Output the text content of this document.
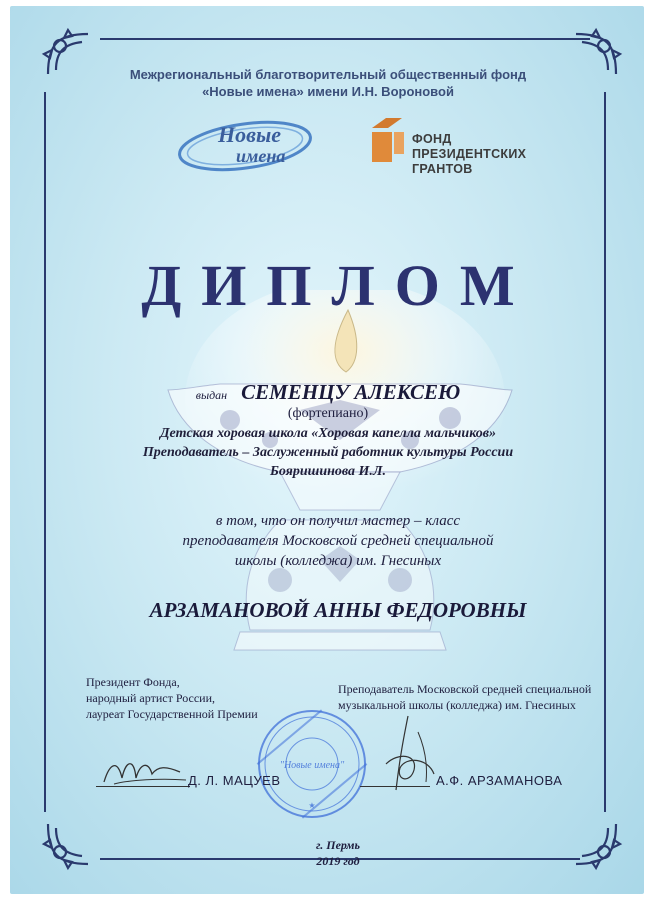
Межрегиональный благотворительный общественный фонд
«Новые имена» имени И.Н. Вороновой
Новые
имена
ФОНД
ПРЕЗИДЕНТСКИХ
ГРАНТОВ
ДИПЛОМ
выдан СЕМЕНЦУ АЛЕКСЕЮ
(фортепиано)
Детская хоровая школа «Хоровая капелла мальчиков»
Преподаватель – Заслуженный работник культуры России
Бояришинова И.Л.
в том, что он получил мастер – класс
преподавателя Московской средней специальной
школы (колледжа) им. Гнесиных
АРЗАМАНОВОЙ АННЫ ФЕДОРОВНЫ
Президент Фонда,
народный артист России,
лауреат Государственной Премии
Преподаватель Московской средней специальной
музыкальной школы (колледжа) им. Гнесиных
"Новые имена"
★
Д. Л. МАЦУЕВ	А.Ф. АРЗАМАНОВА
г. Пермь
2019 год
